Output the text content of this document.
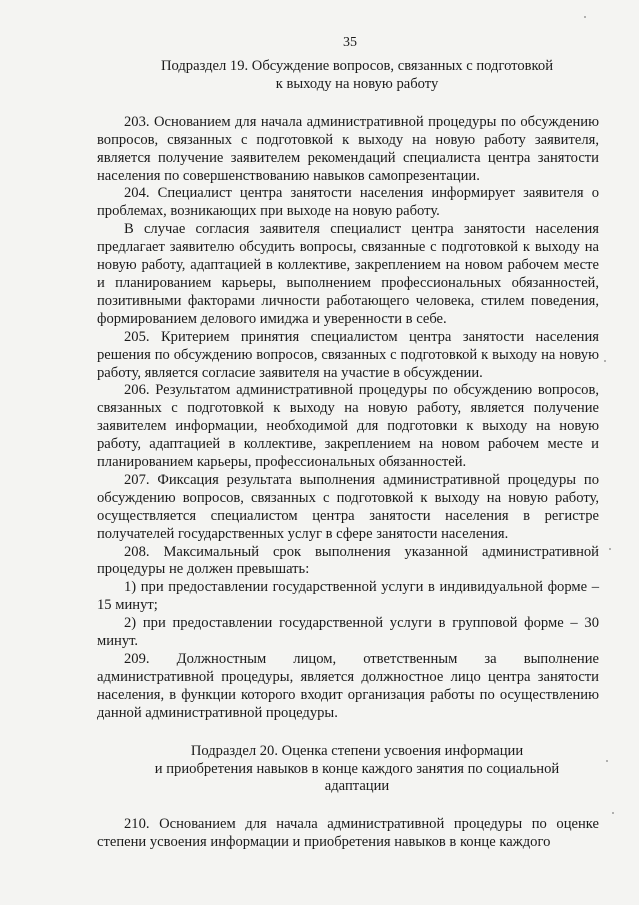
35

Подраздел 19. Обсуждение вопросов, связанных с подготовкой

к выходу на новую работу

203. Основанием для начала административной процедуры по обсуждению вопросов, связанных с подготовкой к выходу на новую работу заявителя, является получение заявителем рекомендаций специалиста центра занятости населения по совершенствованию навыков самопрезентации.

204. Специалист центра занятости населения информирует заявителя о проблемах, возникающих при выходе на новую работу.

В случае согласия заявителя специалист центра занятости населения предлагает заявителю обсудить вопросы, связанные с подготовкой к выходу на новую работу, адаптацией в коллективе, закреплением на новом рабочем месте и планированием карьеры, выполнением профессиональных обязанностей, позитивными факторами личности работающего человека, стилем поведения, формированием делового имиджа и уверенности в себе.

205. Критерием принятия специалистом центра занятости населения решения по обсуждению вопросов, связанных с подготовкой к выходу на новую работу, является согласие заявителя на участие в обсуждении.

206. Результатом административной процедуры по обсуждению вопросов, связанных с подготовкой к выходу на новую работу, является получение заявителем информации, необходимой для подготовки к выходу на новую работу, адаптацией в коллективе, закреплением на новом рабочем месте и планированием карьеры, профессиональных обязанностей.

207. Фиксация результата выполнения административной процедуры по обсуждению вопросов, связанных с подготовкой к выходу на новую работу, осуществляется специалистом центра занятости населения в регистре получателей государственных услуг в сфере занятости населения.

208. Максимальный срок выполнения указанной административной процедуры не должен превышать:

1) при предоставлении государственной услуги в индивидуальной форме – 15 минут;

2) при предоставлении государственной услуги в групповой форме – 30 минут.

209. Должностным лицом, ответственным за выполнение административной процедуры, является должностное лицо центра занятости населения, в функции которого входит организация работы по осуществлению данной административной процедуры.

Подраздел 20. Оценка степени усвоения информации

и приобретения навыков в конце каждого занятия по социальной

адаптации

210. Основанием для начала административной процедуры по оценке степени усвоения информации и приобретения навыков в конце каждого
